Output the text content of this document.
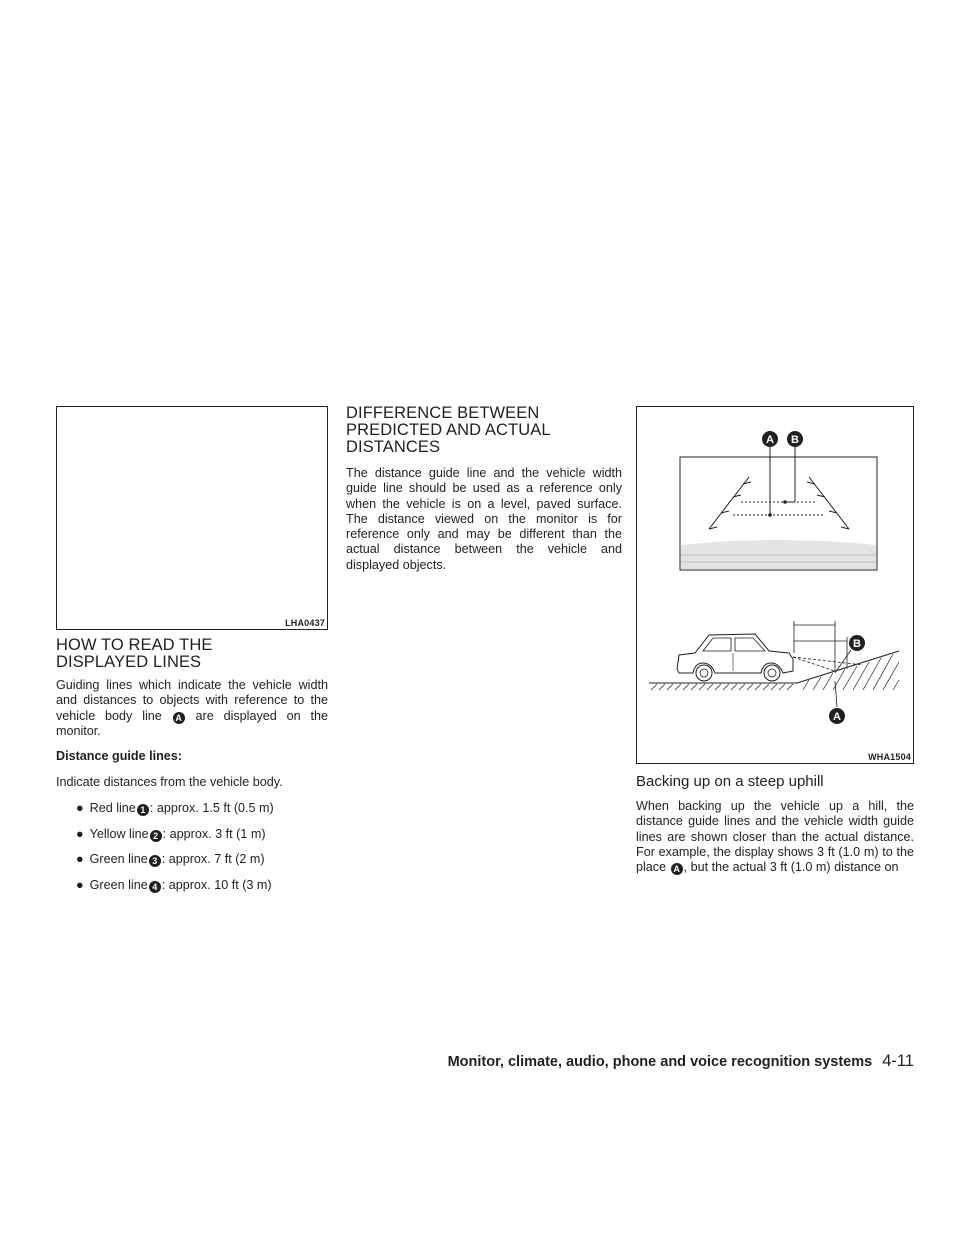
LHA0437
HOW TO READ THE DISPLAYED LINES

Guiding lines which indicate the vehicle width and distances to objects with reference to the vehicle body line A are displayed on the monitor.

Distance guide lines:

Indicate distances from the vehicle body.

● Red line 1 : approx. 1.5 ft (0.5 m)
● Yellow line 2 : approx. 3 ft (1 m)
● Green line 3 : approx. 7 ft (2 m)
● Green line 4 : approx. 10 ft (3 m)
DIFFERENCE BETWEEN PREDICTED AND ACTUAL DISTANCES

The distance guide line and the vehicle width guide line should be used as a reference only when the vehicle is on a level, paved surface. The distance viewed on the monitor is for reference only and may be different than the actual distance between the vehicle and displayed objects.

A B
B
A
WHA1504
Backing up on a steep uphill

When backing up the vehicle up a hill, the distance guide lines and the vehicle width guide lines are shown closer than the actual distance. For example, the display shows 3 ft (1.0 m) to the place A , but the actual 3 ft (1.0 m) distance on

Monitor, climate, audio, phone and voice recognition systems 4-11
